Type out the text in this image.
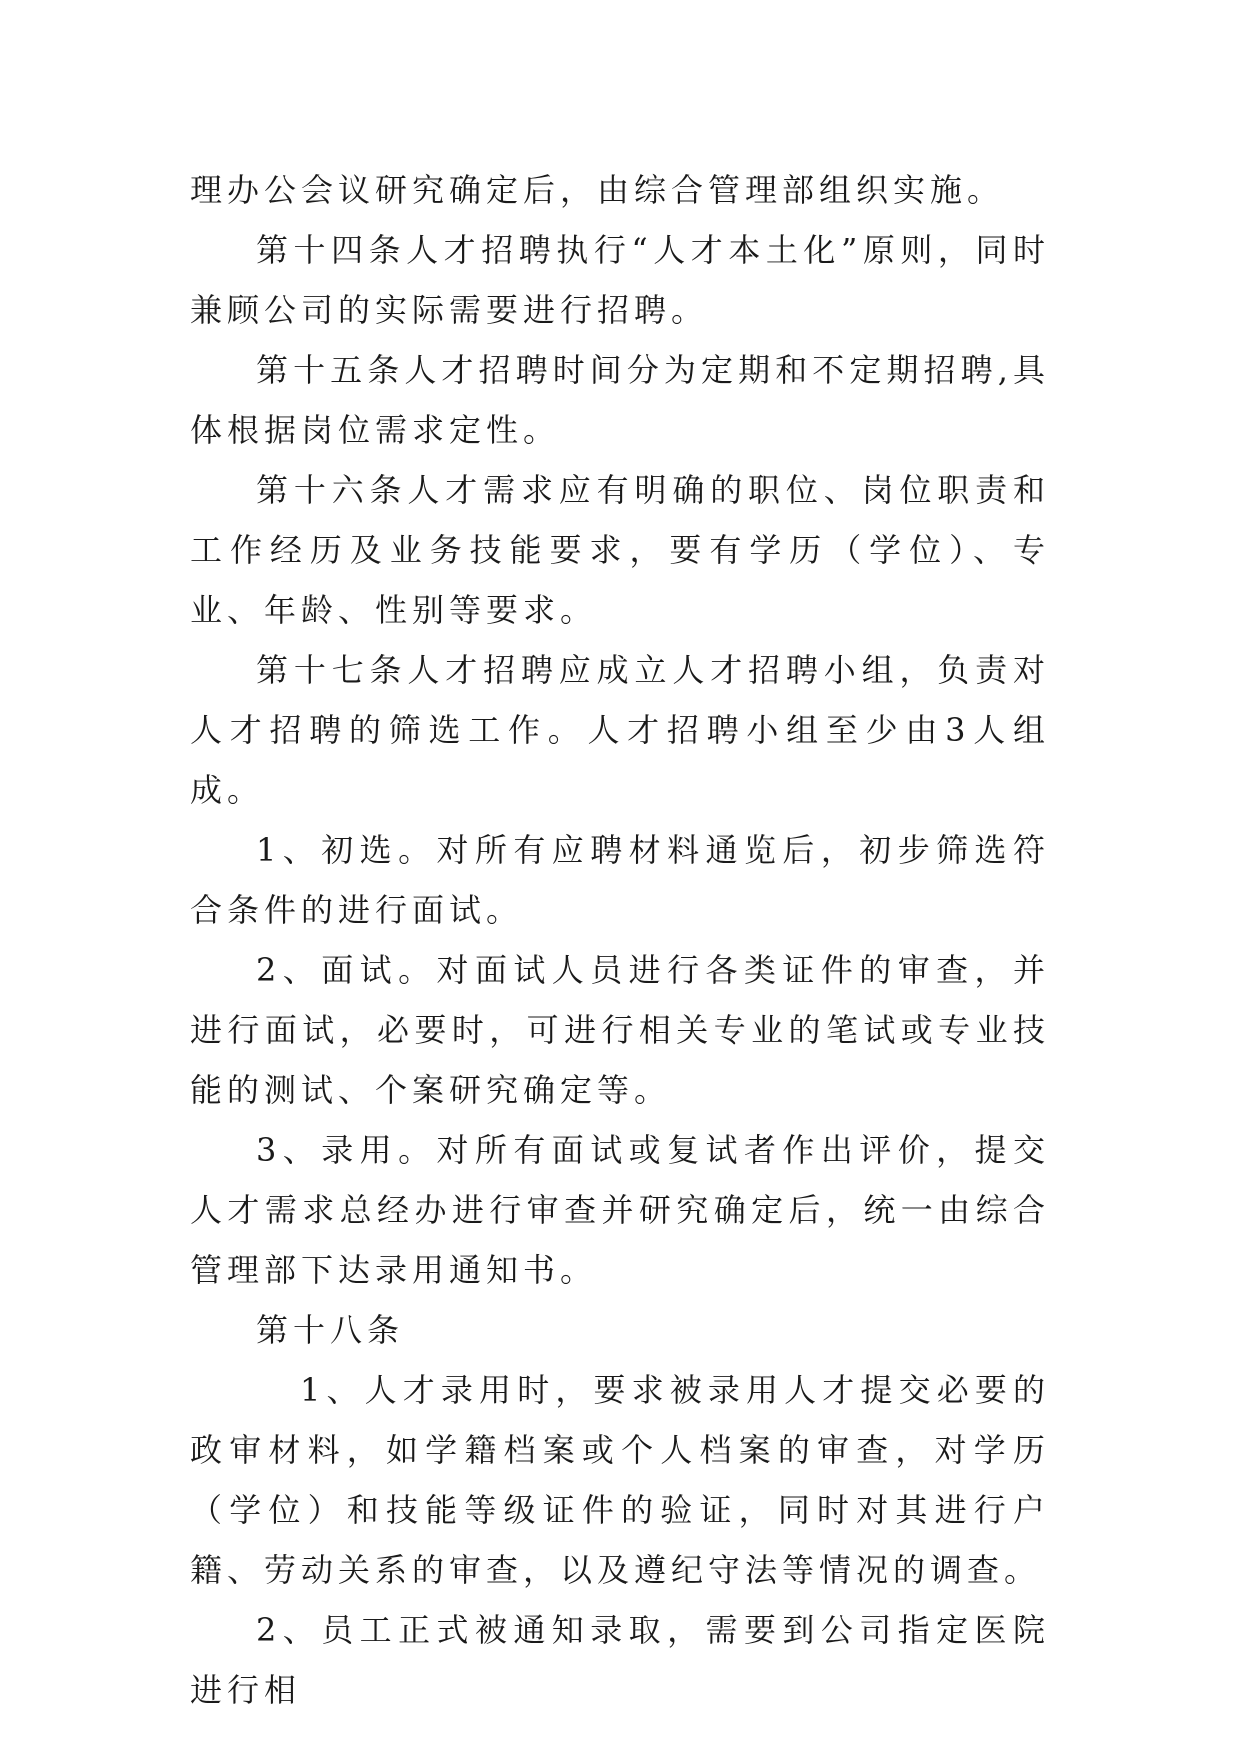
理办公会议研究确定后，由综合管理部组织实施。

第十四条人才招聘执行“人才本土化”原则，同时兼顾公司的实际需要进行招聘。

第十五条人才招聘时间分为定期和不定期招聘,具体根据岗位需求定性。

第十六条人才需求应有明确的职位、岗位职责和工作经历及业务技能要求，要有学历（学位）、专业、年龄、性别等要求。

第十七条人才招聘应成立人才招聘小组，负责对人才招聘的筛选工作。人才招聘小组至少由3人组成。

1、初选。对所有应聘材料通览后，初步筛选符合条件的进行面试。

2、面试。对面试人员进行各类证件的审查，并进行面试，必要时，可进行相关专业的笔试或专业技能的测试、个案研究确定等。

3、录用。对所有面试或复试者作出评价，提交人才需求总经办进行审查并研究确定后，统一由综合管理部下达录用通知书。

第十八条

1、人才录用时，要求被录用人才提交必要的政审材料，如学籍档案或个人档案的审查，对学历（学位）和技能等级证件的验证，同时对其进行户籍、劳动关系的审查，以及遵纪守法等情况的调查。

2、员工正式被通知录取，需要到公司指定医院进行相
